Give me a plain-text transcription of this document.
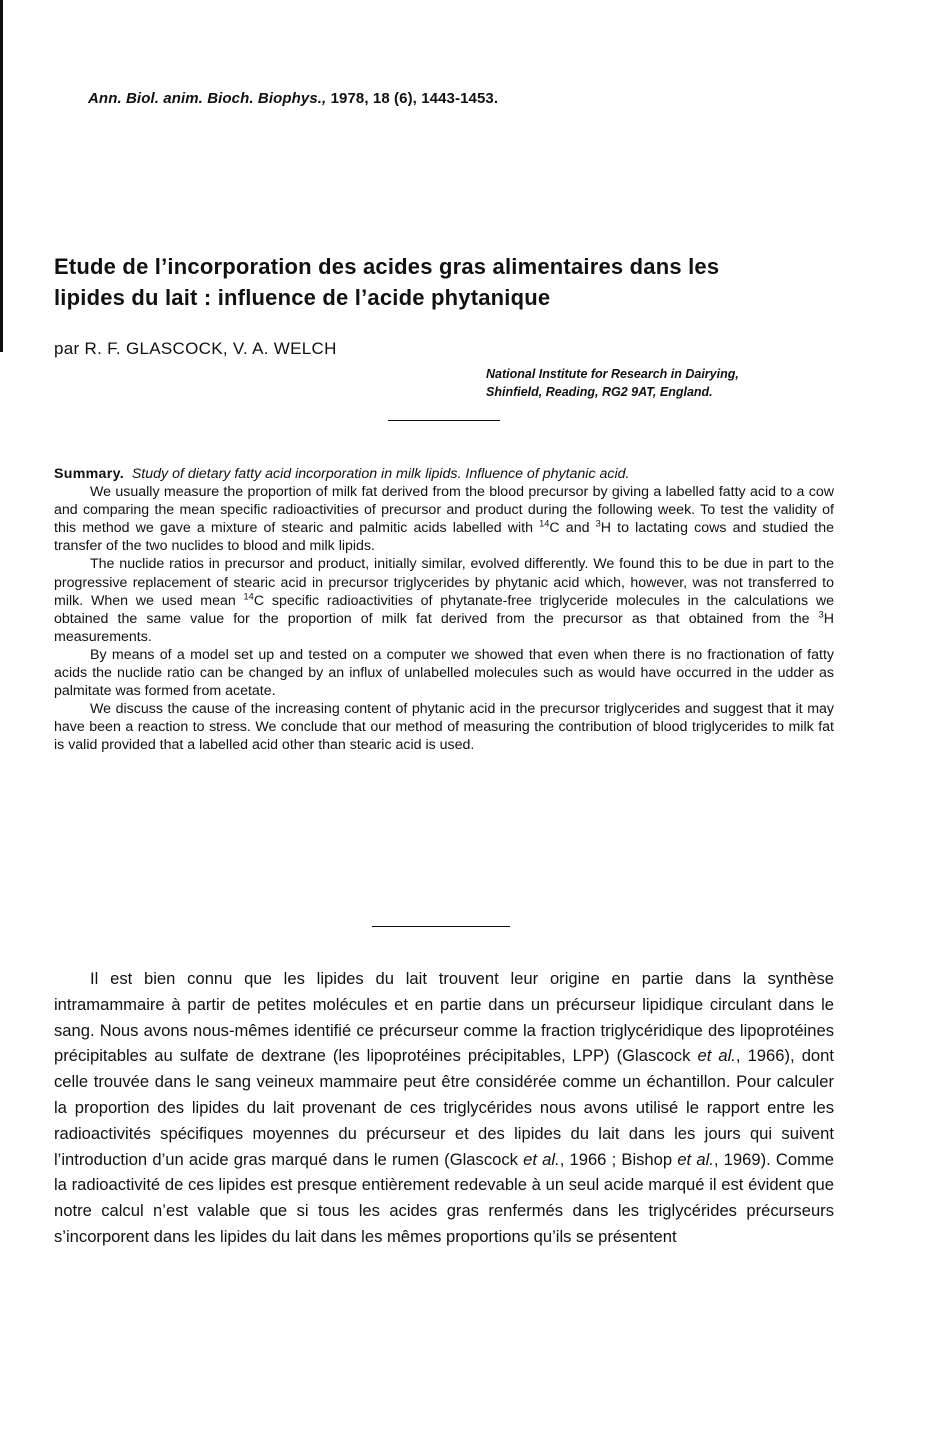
Ann. Biol. anim. Bioch. Biophys., 1978, 18 (6), 1443-1453.
Etude de l’incorporation des acides gras alimentaires dans les
lipides du lait : influence de l’acide phytanique
par R. F. GLASCOCK, V. A. WELCH
National Institute for Research in Dairying,
Shinfield, Reading, RG2 9AT, England.

Summary. Study of dietary fatty acid incorporation in milk lipids. Influence of phytanic acid.

We usually measure the proportion of milk fat derived from the blood precursor by giving a labelled fatty acid to a cow and comparing the mean specific radioactivities of precursor and product during the following week. To test the validity of this method we gave a mixture of stearic and palmitic acids labelled with $^{14}$C and $^3$H to lactating cows and studied the transfer of the two nuclides to blood and milk lipids.

The nuclide ratios in precursor and product, initially similar, evolved differently. We found this to be due in part to the progressive replacement of stearic acid in precursor triglycerides by phytanic acid which, however, was not transferred to milk. When we used mean $^{14}$C specific radioactivities of phytanate-free triglyceride molecules in the calculations we obtained the same value for the proportion of milk fat derived from the precursor as that obtained from the $^3$H measurements.

By means of a model set up and tested on a computer we showed that even when there is no fractionation of fatty acids the nuclide ratio can be changed by an influx of unlabelled molecules such as would have occurred in the udder as palmitate was formed from acetate.

We discuss the cause of the increasing content of phytanic acid in the precursor triglycerides and suggest that it may have been a reaction to stress. We conclude that our method of measuring the contribution of blood triglycerides to milk fat is valid provided that a labelled acid other than stearic acid is used.

Il est bien connu que les lipides du lait trouvent leur origine en partie dans la synthèse intramammaire à partir de petites molécules et en partie dans un précurseur lipidique circulant dans le sang. Nous avons nous-mêmes identifié ce précurseur comme la fraction triglycéridique des lipoprotéines précipitables au sulfate de dextrane (les lipoprotéines précipitables, LPP) (Glascock et al., 1966), dont celle trouvée dans le sang veineux mammaire peut être considérée comme un échantillon. Pour calculer la proportion des lipides du lait provenant de ces triglycérides nous avons utilisé le rapport entre les radioactivités spécifiques moyennes du précurseur et des lipides du lait dans les jours qui suivent l’introduction d’un acide gras marqué dans le rumen (Glascock et al., 1966 ; Bishop et al., 1969). Comme la radioactivité de ces lipides est presque entièrement redevable à un seul acide marqué il est évident que notre calcul n’est valable que si tous les acides gras renfermés dans les triglycérides précurseurs s’incorporent dans les lipides du lait dans les mêmes proportions qu’ils se présentent
